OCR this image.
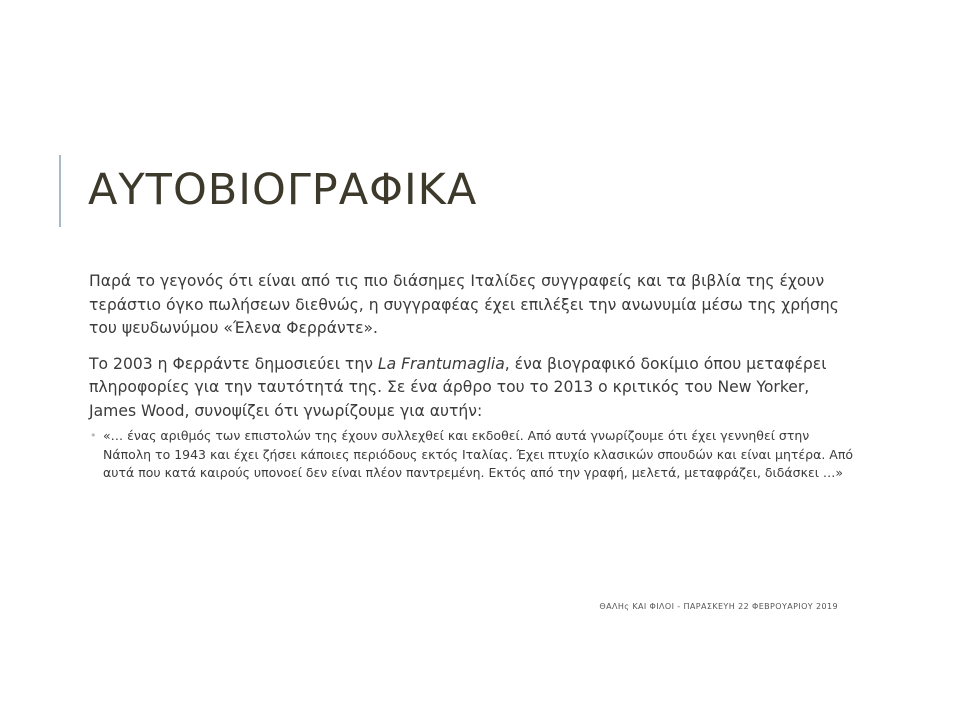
ΑΥΤΟΒΙΟΓΡΑΦΙΚΑ

Παρά το γεγονός ότι είναι από τις πιο διάσημες Ιταλίδες συγγραφείς και τα βιβλία της έχουν τεράστιο όγκο πωλήσεων διεθνώς, η συγγραφέας έχει επιλέξει την ανωνυμία μέσω της χρήσης του ψευδωνύμου «Έλενα Φερράντε».

Το 2003 η Φερράντε δημοσιεύει την La Frantumaglia, ένα βιογραφικό δοκίμιο όπου μεταφέρει πληροφορίες για την ταυτότητά της. Σε ένα άρθρο του το 2013 ο κριτικός του New Yorker, James Wood, συνοψίζει ότι γνωρίζουμε για αυτήν:

• «… ένας αριθμός των επιστολών της έχουν συλλεχθεί και εκδοθεί. Από αυτά γνωρίζουμε ότι έχει γεννηθεί στην Νάπολη το 1943 και έχει ζήσει κάποιες περιόδους εκτός Ιταλίας. Έχει πτυχίο κλασικών σπουδών και είναι μητέρα. Από αυτά που κατά καιρούς υπονοεί δεν είναι πλέον παντρεμένη. Εκτός από την γραφή, μελετά, μεταφράζει, διδάσκει …»
ΘΑΛΗς ΚΑΙ ΦΙΛΟΙ - ΠΑΡΑΣΚΕΥΗ 22 ΦΕΒΡΟΥΑΡΙΟΥ 2019
